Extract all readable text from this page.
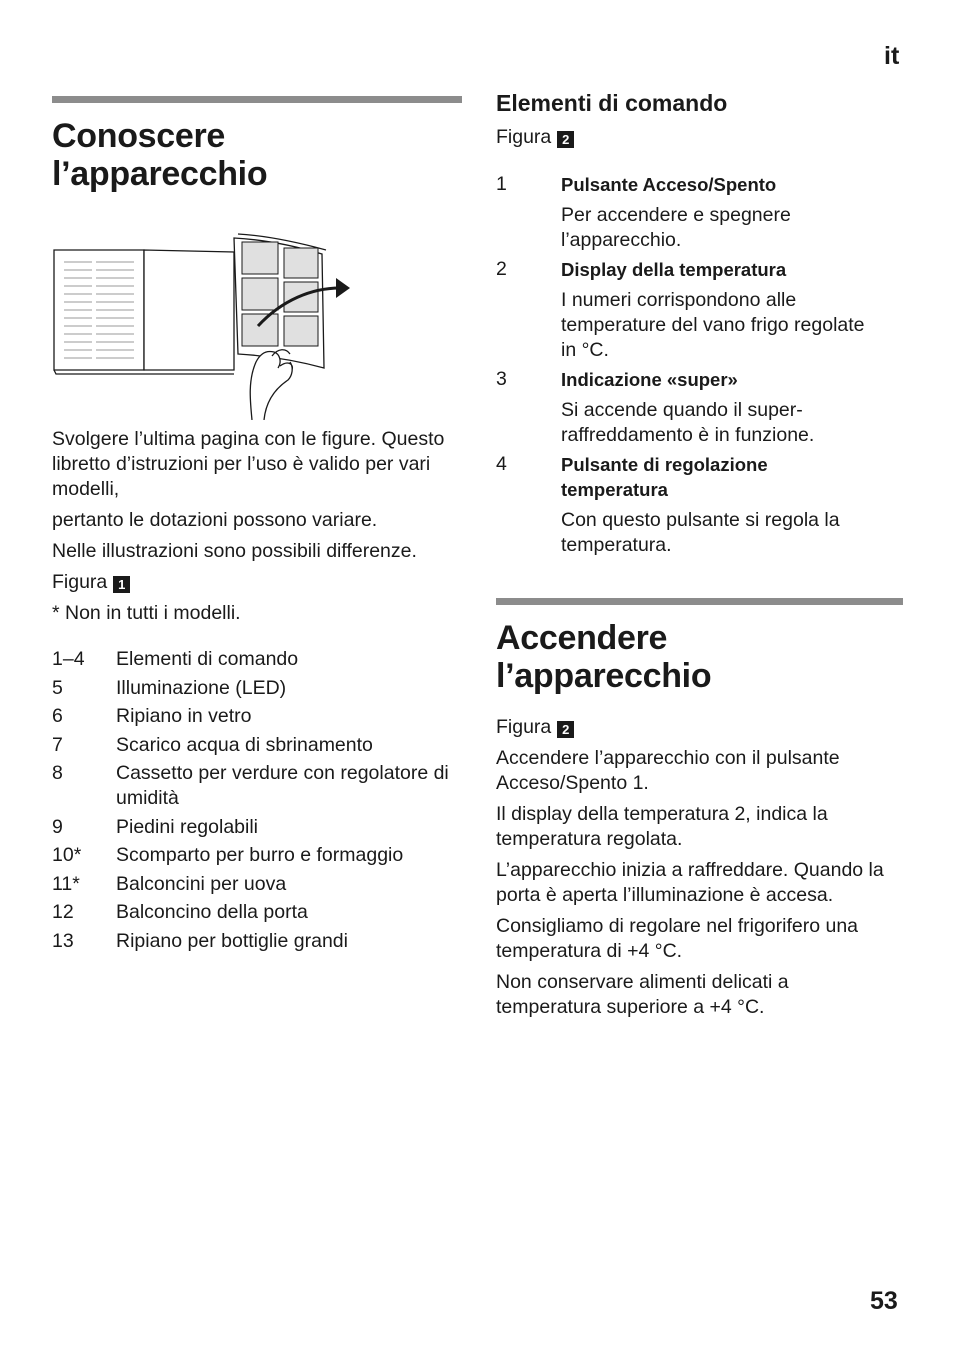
it
Conoscere
l’apparecchio

Svolgere l’ultima pagina con le figure. Questo libretto d’istruzioni per l’uso è valido per vari modelli,

pertanto le dotazioni possono variare.

Nelle illustrazioni sono possibili differenze.

Figura 1

* Non in tutti i modelli.

1–4	Elementi di comando
5	Illuminazione (LED)
6	Ripiano in vetro
7	Scarico acqua di sbrinamento
8	Cassetto per verdure con regolatore di umidità
9	Piedini regolabili
10*	Scomparto per burro e formaggio
11*	Balconcini per uova
12	Balconcino della porta
13	Ripiano per bottiglie grandi
Elementi di comando

Figura 2

1	Pulsante Acceso/Spento
Per accendere e spegnere l’apparecchio.
2	Display della temperatura
I numeri corrispondono alle temperature del vano frigo regolate in °C.
3	Indicazione «super»
Si accende quando il super-raffreddamento è in funzione.
4	Pulsante di regolazione temperatura
Con questo pulsante si regola la temperatura.
Accendere
l’apparecchio

Figura 2

Accendere l’apparecchio con il pulsante Acceso/Spento 1.

Il display della temperatura 2, indica la temperatura regolata.

L’apparecchio inizia a raffreddare. Quando la porta è aperta l’illuminazione è accesa.

Consigliamo di regolare nel frigorifero una temperatura di +4 °C.

Non conservare alimenti delicati a temperatura superiore a +4 °C.

53
